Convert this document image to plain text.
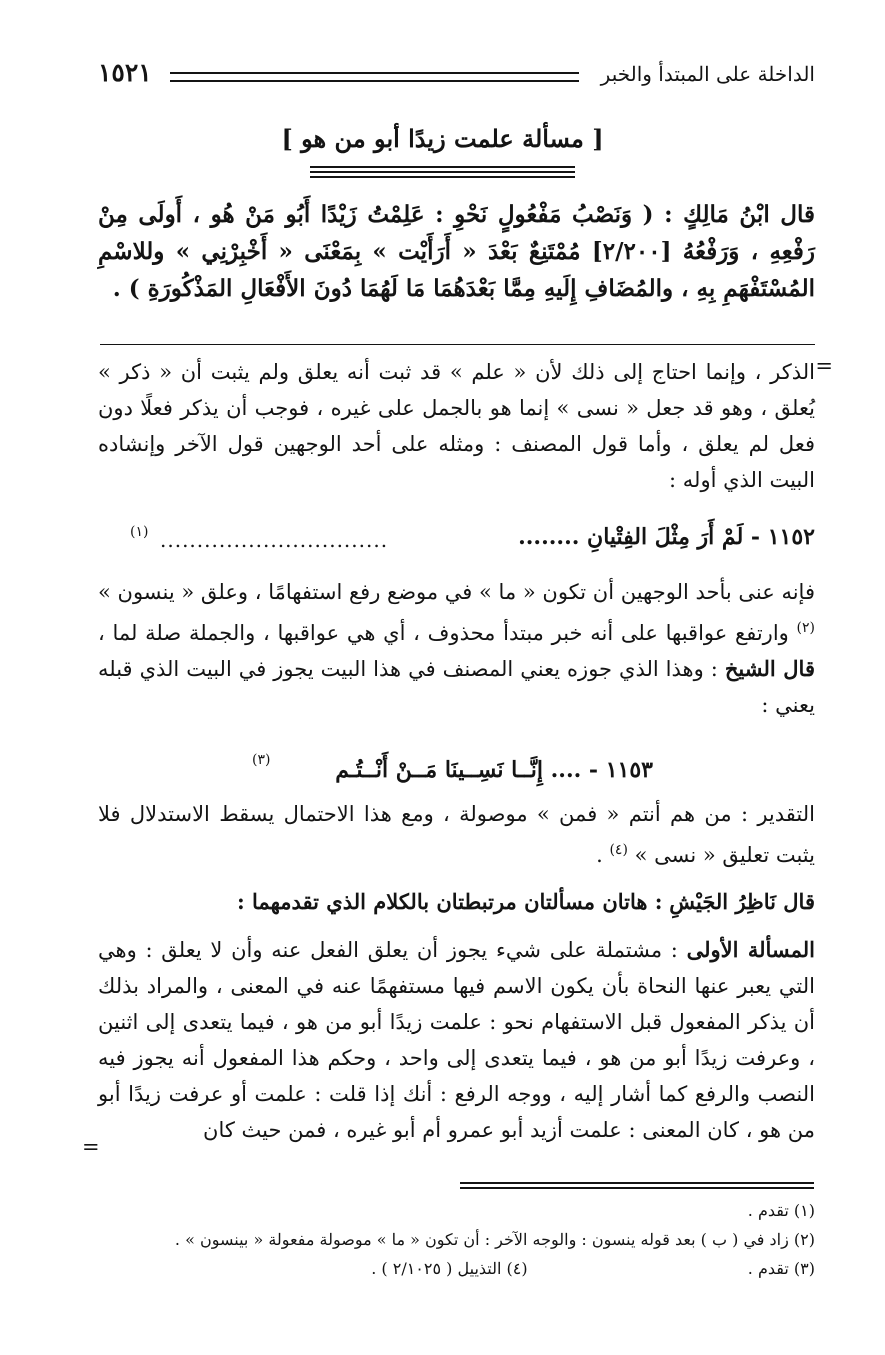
الداخلة على المبتدأ والخبر
١٥٢١
[ مسألة علمت زيدًا أبو من هو ]
قال ابْنُ مَالِكٍ : ( وَنَصْبُ مَفْعُولٍ نَحْوِ : عَلِمْتُ زَيْدًا أَبُو مَنْ هُو ، أَولَى مِنْ رَفْعِهِ ، وَرَفْعُهُ [٢/٢٠٠] مُمْتَنِعٌ بَعْدَ « أَرَأَيْت » بِمَعْنَى « أَخْبِرْنِي » وللاسْمِ المُسْتَفْهَمِ بِهِ ، والمُضَافِ إِلَيهِ مِمَّا بَعْدَهُمَا مَا لَهُمَا دُونَ الأَفْعَالِ المَذْكُورَةِ ) .
=
الذكر ، وإنما احتاج إلى ذلك لأن « علم » قد ثبت أنه يعلق ولم يثبت أن « ذكر » يُعلق ، وهو قد جعل « نسى » إنما هو بالجمل على غيره ، فوجب أن يذكر فعلًا دون فعل لم يعلق ، وأما قول المصنف : ومثله على أحد الوجهين قول الآخر وإنشاده البيت الذي أوله :
١١٥٢ - لَمْ أَرَ مِثْلَ الفِتْيانِ ........
...............................
(١)
فإنه عنى بأحد الوجهين أن تكون « ما » في موضع رفع استفهامًا ، وعلق « ينسون » $^{(٢)}$ وارتفع عواقبها على أنه خبر مبتدأ محذوف ، أي هي عواقبها ، والجملة صلة لما ، قال الشيخ : وهذا الذي جوزه يعني المصنف في هذا البيت يجوز في البيت الذي قبله يعني :
١١٥٣ - .... إِنَّــا نَسِــينَا مَــنْ أَنْــتُـم
(٣)
التقدير : من هم أنتم « فمن » موصولة ، ومع هذا الاحتمال يسقط الاستدلال فلا يثبت تعليق « نسى » $^{(٤)}$ .
قال نَاظِرُ الجَيْشِ : هاتان مسألتان مرتبطتان بالكلام الذي تقدمهما :
المسألة الأولى : مشتملة على شيء يجوز أن يعلق الفعل عنه وأن لا يعلق : وهي التي يعبر عنها النحاة بأن يكون الاسم فيها مستفهمًا عنه في المعنى ، والمراد بذلك أن يذكر المفعول قبل الاستفهام نحو : علمت زيدًا أبو من هو ، فيما يتعدى إلى اثنين ، وعرفت زيدًا أبو من هو ، فيما يتعدى إلى واحد ، وحكم هذا المفعول أنه يجوز فيه النصب والرفع كما أشار إليه ، ووجه الرفع : أنك إذا قلت : علمت أو عرفت زيدًا أبو من هو ، كان المعنى : علمت أزيد أبو عمرو أم أبو غيره ، فمن حيث كان
=
(١) تقدم .
(٢) زاد في ( ب ) بعد قوله ينسون : والوجه الآخر : أن تكون « ما » موصولة مفعولة « بينسون » .
(٣) تقدم .  (٤) التذييل ( ٢/١٠٢٥ ) .
